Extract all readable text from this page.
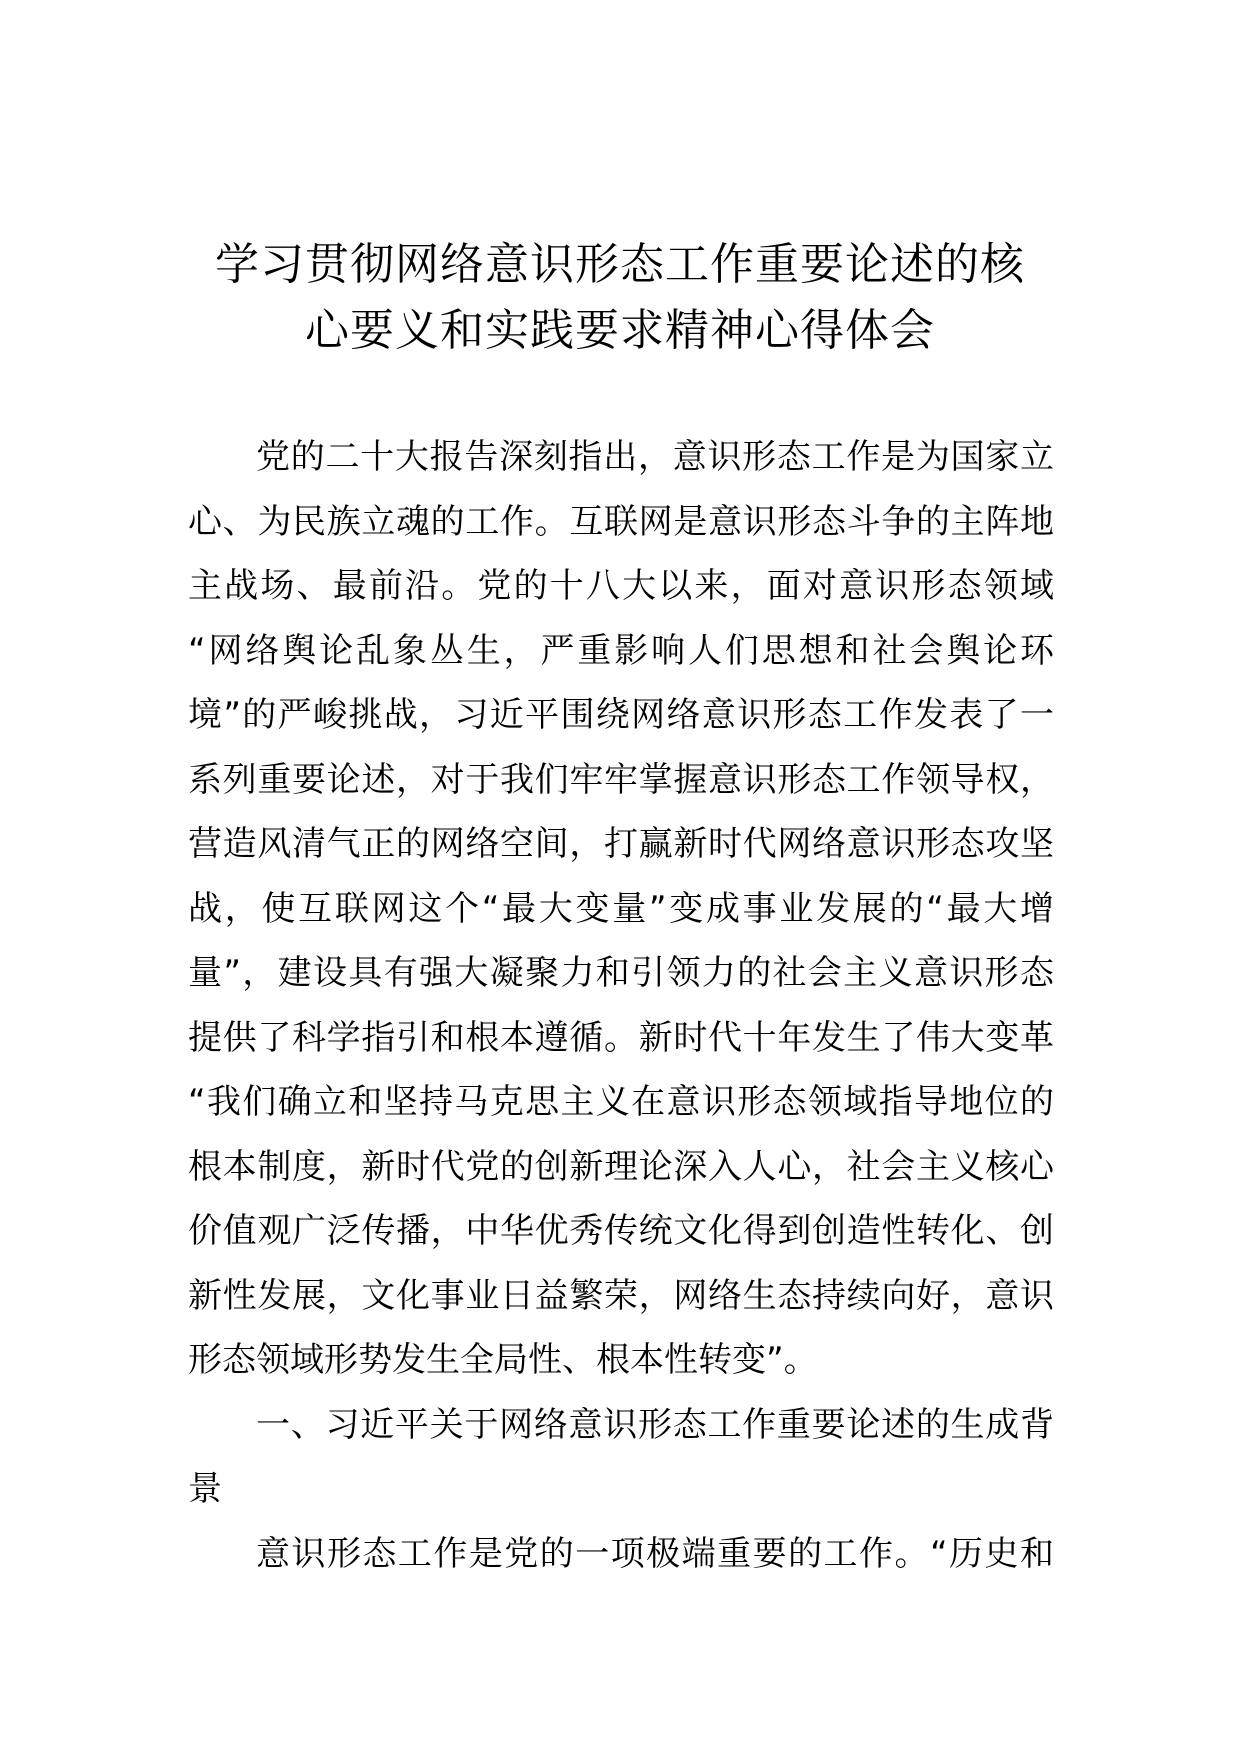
学习贯彻网络意识形态工作重要论述的核
心要义和实践要求精神心得体会
党的二十大报告深刻指出，意识形态工作是为国家立
心、为民族立魂的工作。互联网是意识形态斗争的主阵地
主战场、最前沿。党的十八大以来，面对意识形态领域
“网络舆论乱象丛生，严重影响人们思想和社会舆论环
境”的严峻挑战，习近平围绕网络意识形态工作发表了一
系列重要论述，对于我们牢牢掌握意识形态工作领导权，
营造风清气正的网络空间，打赢新时代网络意识形态攻坚
战，使互联网这个“最大变量”变成事业发展的“最大增
量”，建设具有强大凝聚力和引领力的社会主义意识形态
提供了科学指引和根本遵循。新时代十年发生了伟大变革
“我们确立和坚持马克思主义在意识形态领域指导地位的
根本制度，新时代党的创新理论深入人心，社会主义核心
价值观广泛传播，中华优秀传统文化得到创造性转化、创
新性发展，文化事业日益繁荣，网络生态持续向好，意识
形态领域形势发生全局性、根本性转变”。
一、习近平关于网络意识形态工作重要论述的生成背
景
意识形态工作是党的一项极端重要的工作。“历史和
